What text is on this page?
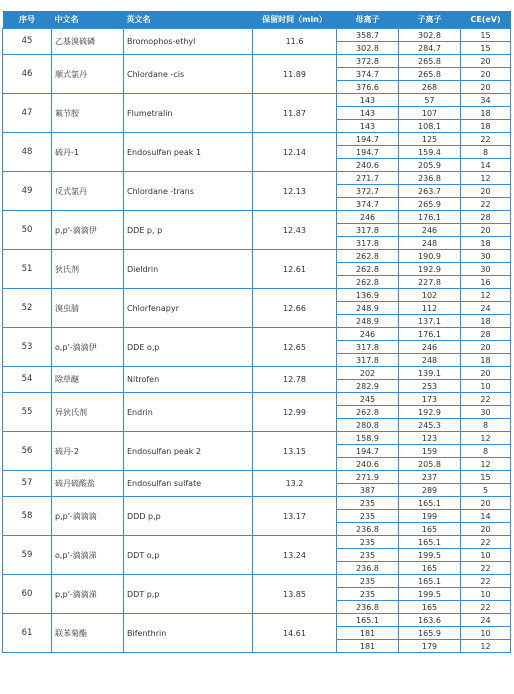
序号	中文名	英文名	保留时间（min）	母离子	子离子	CE(eV)
45	乙基溴硫磷	Bromophos-ethyl	11.6	358.7	302.8	15
				302.8	284.7	15
46	顺式氯丹	Chlordane -cis	11.89	372.8	265.8	20
				374.7	265.8	20
				376.6	268	20
47	氟节胺	Flumetralin	11.87	143	57	34
				143	107	18
				143	108.1	18
48	硫丹-1	Endosulfan peak 1	12.14	194.7	125	22
				194.7	159.4	8
				240.6	205.9	14
49	反式氯丹	Chlordane -trans	12.13	271.7	236.8	12
				372.7	263.7	20
				374.7	265.9	22
50	p,p'-滴滴伊	DDE p, p	12.43	246	176.1	28
				317.8	246	20
				317.8	248	18
51	狄氏剂	Dieldrin	12.61	262.8	190.9	30
				262.8	192.9	30
				262.8	227.8	16
52	溴虫腈	Chlorfenapyr	12.66	136.9	102	12
				248.9	112	24
				248.9	137.1	18
53	o,p'-滴滴伊	DDE o,p	12.65	246	176.1	28
				317.8	246	20
				317.8	248	18
54	除草醚	Nitrofen	12.78	202	139.1	20
				282.9	253	10
55	异狄氏剂	Endrin	12.99	245	173	22
				262.8	192.9	30
				280.8	245.3	8
56	硫丹-2	Endosulfan peak 2	13.15	158.9	123	12
				194.7	159	8
				240.6	205.8	12
57	硫丹硫酸盐	Endosulfan sulfate	13.2	271.9	237	15
				387	289	5
58	p,p'-滴滴滴	DDD p,p	13.17	235	165.1	20
				235	199	14
				236.8	165	20
59	o,p'-滴滴涕	DDT o,p	13.24	235	165.1	22
				235	199.5	10
				236.8	165	22
60	p,p'-滴滴涕	DDT p,p	13.85	235	165.1	22
				235	199.5	10
				236.8	165	22
61	联苯菊酯	Bifenthrin	14.61	165.1	163.6	24
				181	165.9	10
				181	179	12
